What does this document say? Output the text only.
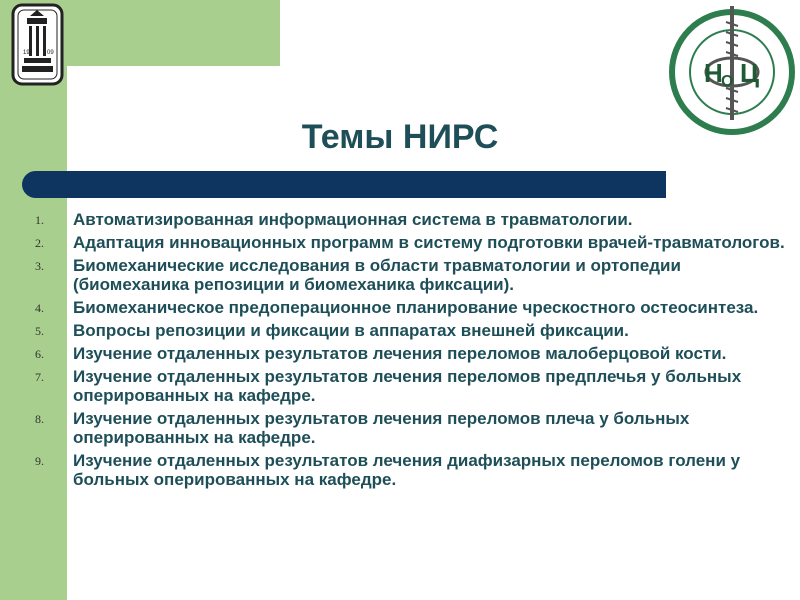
19	09
Н
О Ц
Темы НИРС
1.	Автоматизированная информационная система в травматологии.
2.	Адаптация инновационных программ в систему подготовки врачей-травматологов.
3.	Биомеханические исследования в области травматологии и ортопедии (биомеханика репозиции и биомеханика фиксации).
4.	Биомеханическое предоперационное планирование чрескостного остеосинтеза.
5.	Вопросы репозиции и фиксации в аппаратах внешней фиксации.
6.	Изучение отдаленных результатов лечения переломов малоберцовой кости.
7.	Изучение отдаленных результатов лечения переломов предплечья у больных оперированных на кафедре.
8.	Изучение отдаленных результатов лечения переломов плеча у больных оперированных на кафедре.
9.	Изучение отдаленных результатов лечения диафизарных переломов голени у больных оперированных на кафедре.
